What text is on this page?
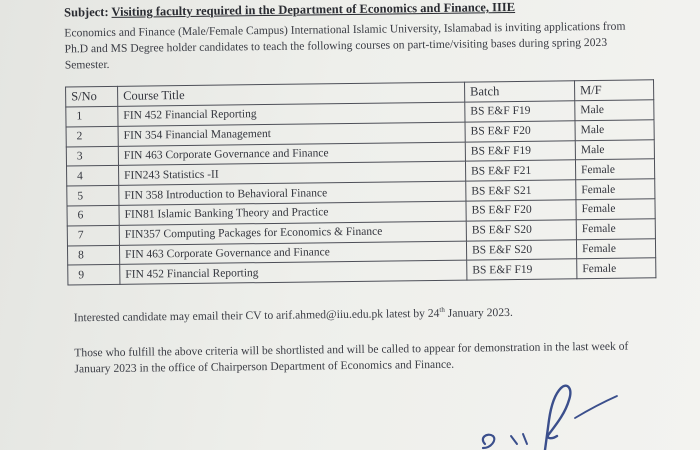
Subject: Visiting faculty required in the Department of Economics and Finance, IIIE
Economics and Finance (Male/Female Campus) International Islamic University, Islamabad is inviting applications from Ph.D and MS Degree holder candidates to teach the following courses on part-time/visiting bases during spring 2023 Semester.
S/No	Course Title	Batch	M/F
1	FIN 452 Financial Reporting	BS E&F F19	Male
2	FIN 354 Financial Management	BS E&F F20	Male
3	FIN 463 Corporate Governance and Finance	BS E&F F19	Male
4	FIN243 Statistics -II	BS E&F F21	Female
5	FIN 358 Introduction to Behavioral Finance	BS E&F S21	Female
6	FIN81 Islamic Banking Theory and Practice	BS E&F F20	Female
7	FIN357 Computing Packages for Economics & Finance	BS E&F S20	Female
8	FIN 463 Corporate Governance and Finance	BS E&F S20	Female
9	FIN 452 Financial Reporting	BS E&F F19	Female
Interested candidate may email their CV to arif.ahmed@iiu.edu.pk latest by 24th January 2023.
Those who fulfill the above criteria will be shortlisted and will be called to appear for demonstration in the last week of January 2023 in the office of Chairperson Department of Economics and Finance.
